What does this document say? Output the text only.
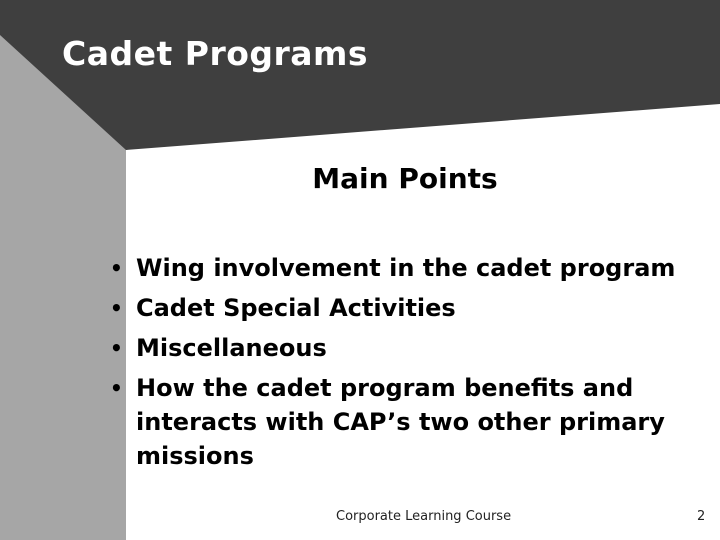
Cadet Programs
Main Points
• Wing involvement in the cadet program
• Cadet Special Activities
• Miscellaneous
• How the cadet program benefits and interacts with CAP’s two other primary missions
Corporate Learning Course	2
